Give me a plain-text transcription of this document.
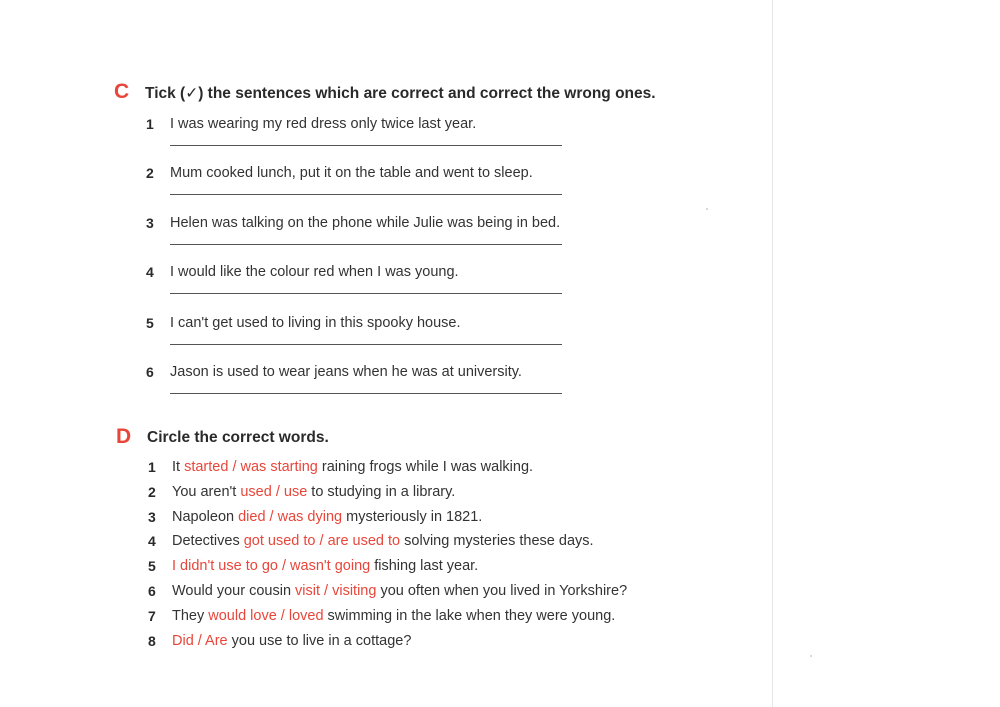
C Tick (✓) the sentences which are correct and correct the wrong ones.
1 I was wearing my red dress only twice last year.
2 Mum cooked lunch, put it on the table and went to sleep.
3 Helen was talking on the phone while Julie was being in bed.
4 I would like the colour red when I was young.
5 I can't get used to living in this spooky house.
6 Jason is used to wear jeans when he was at university.
D Circle the correct words.
1 It started / was starting raining frogs while I was walking.
2 You aren't used / use to studying in a library.
3 Napoleon died / was dying mysteriously in 1821.
4 Detectives got used to / are used to solving mysteries these days.
5 I didn't use to go / wasn't going fishing last year.
6 Would your cousin visit / visiting you often when you lived in Yorkshire?
7 They would love / loved swimming in the lake when they were young.
8 Did / Are you use to live in a cottage?
